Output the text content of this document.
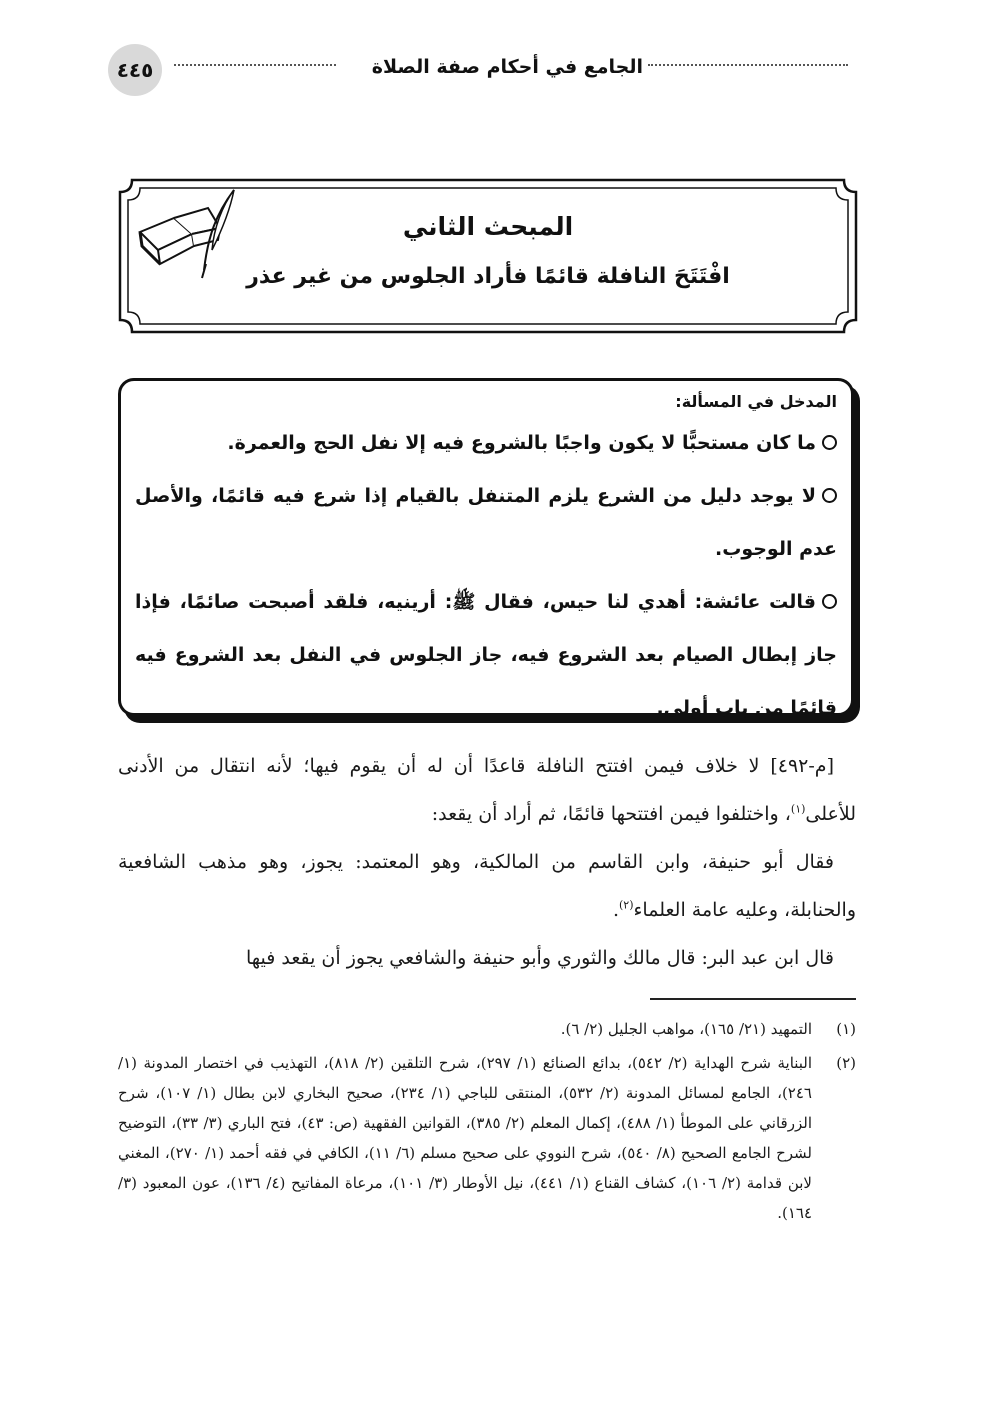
الجامع في أحكام صفة الصلاة
٤٤٥
المبحث الثاني
افْتَتَحَ النافلة قائمًا فأراد الجلوس من غير عذر
المدخل في المسألة:
ما كان مستحبًّا لا يكون واجبًا بالشروع فيه إلا نفل الحج والعمرة.
لا يوجد دليل من الشرع يلزم المتنفل بالقيام إذا شرع فيه قائمًا، والأصل عدم الوجوب.
قالت عائشة: أهدي لنا حيس، فقال ﷺ: أرينيه، فلقد أصبحت صائمًا، فإذا جاز إبطال الصيام بعد الشروع فيه، جاز الجلوس في النفل بعد الشروع فيه قائمًا من باب أولى.

[م-٤٩٢] لا خلاف فيمن افتتح النافلة قاعدًا أن له أن يقوم فيها؛ لأنه انتقال من الأدنى للأعلى$^{(١)}$، واختلفوا فيمن افتتحها قائمًا، ثم أراد أن يقعد:

فقال أبو حنيفة، وابن القاسم من المالكية، وهو المعتمد: يجوز، وهو مذهب الشافعية والحنابلة، وعليه عامة العلماء$^{(٢)}$.

قال ابن عبد البر: قال مالك والثوري وأبو حنيفة والشافعي يجوز أن يقعد فيها

(١)
التمهيد (٢١/ ١٦٥)، مواهب الجليل (٢/ ٦).
(٢)
البناية شرح الهداية (٢/ ٥٤٢)، بدائع الصنائع (١/ ٢٩٧)، شرح التلقين (٢/ ٨١٨)، التهذيب في اختصار المدونة (١/ ٢٤٦)، الجامع لمسائل المدونة (٢/ ٥٣٢)، المنتقى للباجي (١/ ٢٣٤)، صحيح البخاري لابن بطال (١/ ١٠٧)، شرح الزرقاني على الموطأ (١/ ٤٨٨)، إكمال المعلم (٢/ ٣٨٥)، القوانين الفقهية (ص: ٤٣)، فتح الباري (٣/ ٣٣)، التوضيح لشرح الجامع الصحيح (٨/ ٥٤٠)، شرح النووي على صحيح مسلم (٦/ ١١)، الكافي في فقه أحمد (١/ ٢٧٠)، المغني لابن قدامة (٢/ ١٠٦)، كشاف القناع (١/ ٤٤١)، نيل الأوطار (٣/ ١٠١)، مرعاة المفاتيح (٤/ ١٣٦)، عون المعبود (٣/ ١٦٤).
